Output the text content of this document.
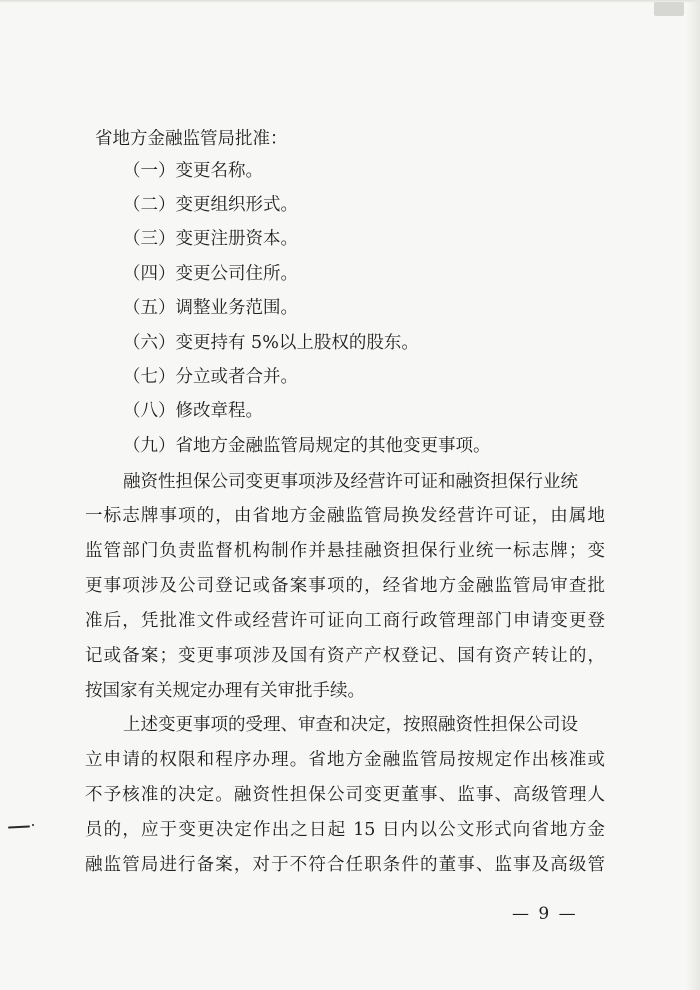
省地方金融监管局批准：
（一）变更名称。
（二）变更组织形式。
（三）变更注册资本。
（四）变更公司住所。
（五）调整业务范围。
（六）变更持有 5%以上股权的股东。
（七）分立或者合并。
（八）修改章程。
（九）省地方金融监管局规定的其他变更事项。
融资性担保公司变更事项涉及经营许可证和融资担保行业统
一标志牌事项的，由省地方金融监管局换发经营许可证，由属地
监管部门负责监督机构制作并悬挂融资担保行业统一标志牌；变
更事项涉及公司登记或备案事项的，经省地方金融监管局审查批
准后，凭批准文件或经营许可证向工商行政管理部门申请变更登
记或备案；变更事项涉及国有资产产权登记、国有资产转让的，
按国家有关规定办理有关审批手续。
上述变更事项的受理、审查和决定，按照融资性担保公司设
立申请的权限和程序办理。省地方金融监管局按规定作出核准或
不予核准的决定。融资性担保公司变更董事、监事、高级管理人
员的，应于变更决定作出之日起 15 日内以公文形式向省地方金
融监管局进行备案，对于不符合任职条件的董事、监事及高级管
— 9 —
